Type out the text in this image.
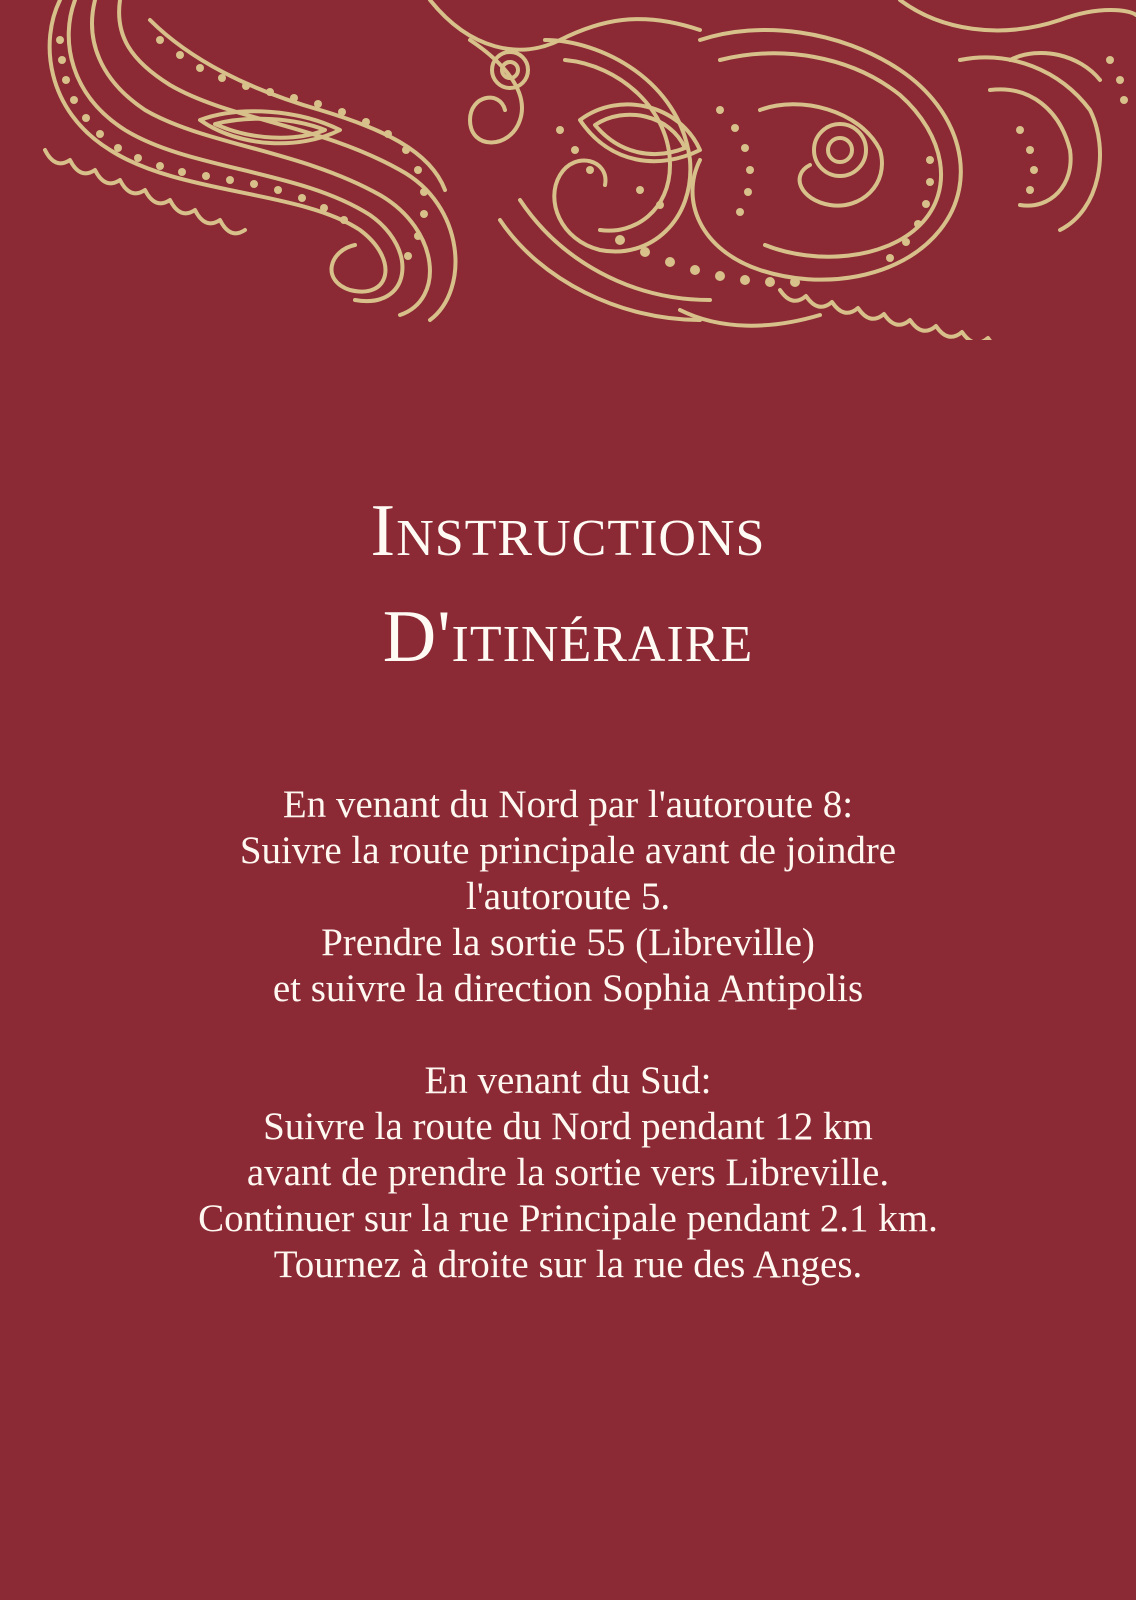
Instructions
D'itinéraire
En venant du Nord par l'autoroute 8:
Suivre la route principale avant de joindre
l'autoroute 5.
Prendre la sortie 55 (Libreville)
et suivre la direction Sophia Antipolis
En venant du Sud:
Suivre la route du Nord pendant 12 km
avant de prendre la sortie vers Libreville.
Continuer sur la rue Principale pendant 2.1 km.
Tournez à droite sur la rue des Anges.
